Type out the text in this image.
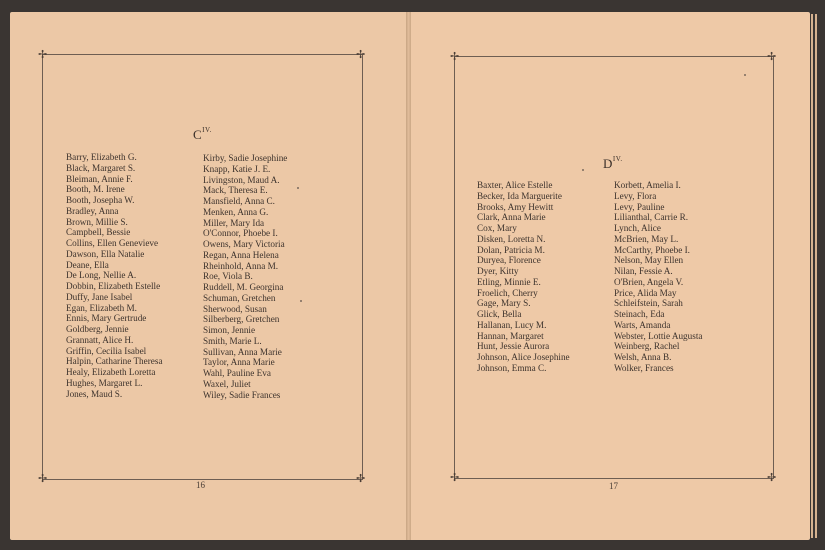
✢	✢
✢	✢
$C^{IV.}$
Barry, Elizabeth G.
Black, Margaret S.
Bleiman, Annie F.
Booth, M. Irene
Booth, Josepha W.
Bradley, Anna
Brown, Millie S.
Campbell, Bessie
Collins, Ellen Genevieve
Dawson, Ella Natalie
Deane, Ella
De Long, Nellie A.
Dobbin, Elizabeth Estelle
Duffy, Jane Isabel
Egan, Elizabeth M.
Ennis, Mary Gertrude
Goldberg, Jennie
Grannatt, Alice H.
Griffin, Cecilia Isabel
Halpin, Catharine Theresa
Healy, Elizabeth Loretta
Hughes, Margaret L.
Jones, Maud S.
Kirby, Sadie Josephine
Knapp, Katie J. E.
Livingston, Maud A.
Mack, Theresa E.
Mansfield, Anna C.
Menken, Anna G.
Miller, Mary Ida
O'Connor, Phoebe I.
Owens, Mary Victoria
Regan, Anna Helena
Rheinhold, Anna M.
Roe, Viola B.
Ruddell, M. Georgina
Schuman, Gretchen
Sherwood, Susan
Silberberg, Gretchen
Simon, Jennie
Smith, Marie L.
Sullivan, Anna Marie
Taylor, Anna Marie
Wahl, Pauline Eva
Waxel, Juliet
Wiley, Sadie Frances
16
✢	✢
✢	✢
$D^{IV.}$
Baxter, Alice Estelle
Becker, Ida Marguerite
Brooks, Amy Hewitt
Clark, Anna Marie
Cox, Mary
Disken, Loretta N.
Dolan, Patricia M.
Duryea, Florence
Dyer, Kitty
Etling, Minnie E.
Froelich, Cherry
Gage, Mary S.
Glick, Bella
Hallanan, Lucy M.
Hannan, Margaret
Hunt, Jessie Aurora
Johnson, Alice Josephine
Johnson, Emma C.
Korbett, Amelia I.
Levy, Flora
Levy, Pauline
Lilianthal, Carrie R.
Lynch, Alice
McBrien, May L.
McCarthy, Phoebe I.
Nelson, May Ellen
Nilan, Fessie A.
O'Brien, Angela V.
Price, Alida May
Schleifstein, Sarah
Steinach, Eda
Warts, Amanda
Webster, Lottie Augusta
Weinberg, Rachel
Welsh, Anna B.
Wolker, Frances
17
